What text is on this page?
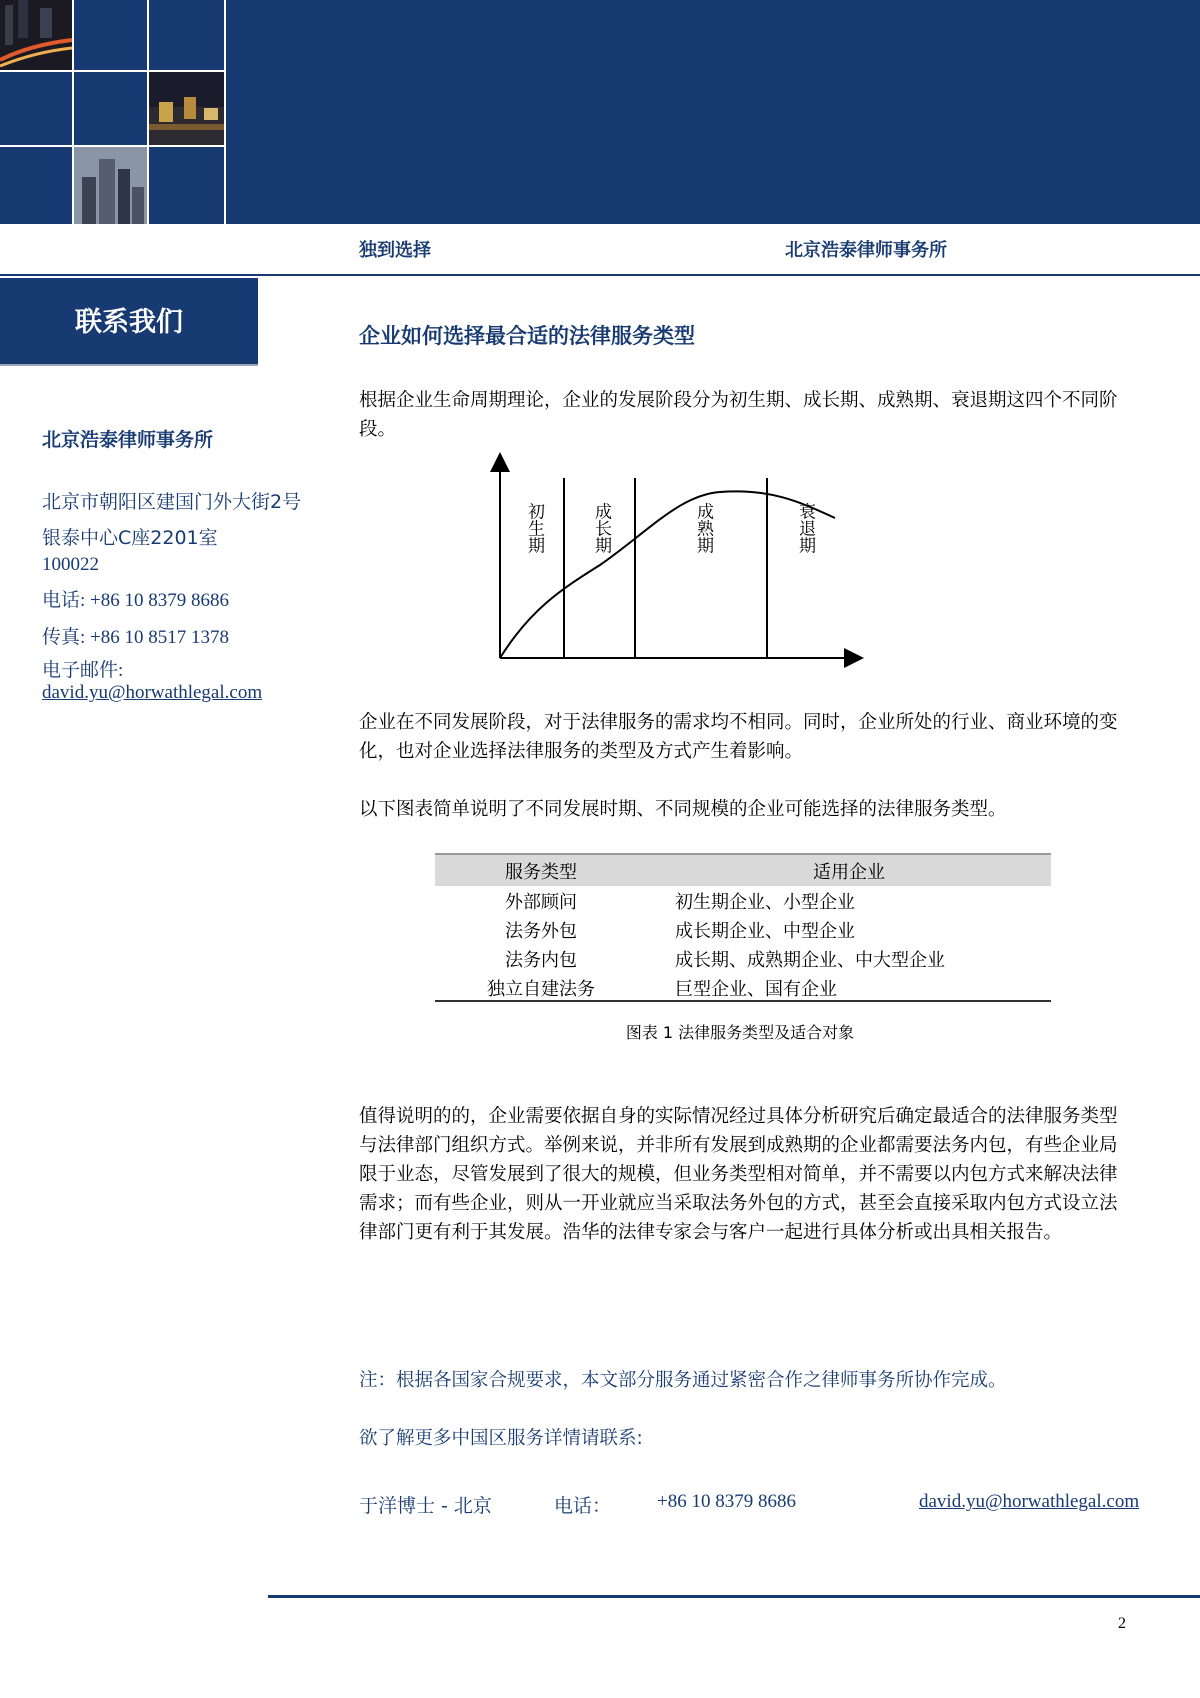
独到选择	北京浩泰律师事务所
联系我们
北京浩泰律师事务所
北京市朝阳区建国门外大街2号
银泰中心C座2201室
100022
电话: +86 10 8379 8686
传真: +86 10 8517 1378
电子邮件:
david.yu@horwathlegal.com
企业如何选择最合适的法律服务类型
根据企业生命周期理论，企业的发展阶段分为初生期、成长期、成熟期、衰退期这四个不同阶段。
初生期	成长期	成熟期	衰退期
企业在不同发展阶段，对于法律服务的需求均不相同。同时，企业所处的行业、商业环境的变化，也对企业选择法律服务的类型及方式产生着影响。
以下图表简单说明了不同发展时期、不同规模的企业可能选择的法律服务类型。
服务类型	适用企业
外部顾问	初生期企业、小型企业
法务外包	成长期企业、中型企业
法务内包	成长期、成熟期企业、中大型企业
独立自建法务	巨型企业、国有企业
图表 1 法律服务类型及适合对象
值得说明的的，企业需要依据自身的实际情况经过具体分析研究后确定最适合的法律服务类型与法律部门组织方式。举例来说，并非所有发展到成熟期的企业都需要法务内包，有些企业局限于业态，尽管发展到了很大的规模，但业务类型相对简单，并不需要以内包方式来解决法律需求；而有些企业，则从一开业就应当采取法务外包的方式，甚至会直接采取内包方式设立法律部门更有利于其发展。浩华的法律专家会与客户一起进行具体分析或出具相关报告。
注：根据各国家合规要求，本文部分服务通过紧密合作之律师事务所协作完成。
欲了解更多中国区服务详情请联系:
于洋博士 - 北京	电话： +86 10 8379 8686	david.yu@horwathlegal.com
2
